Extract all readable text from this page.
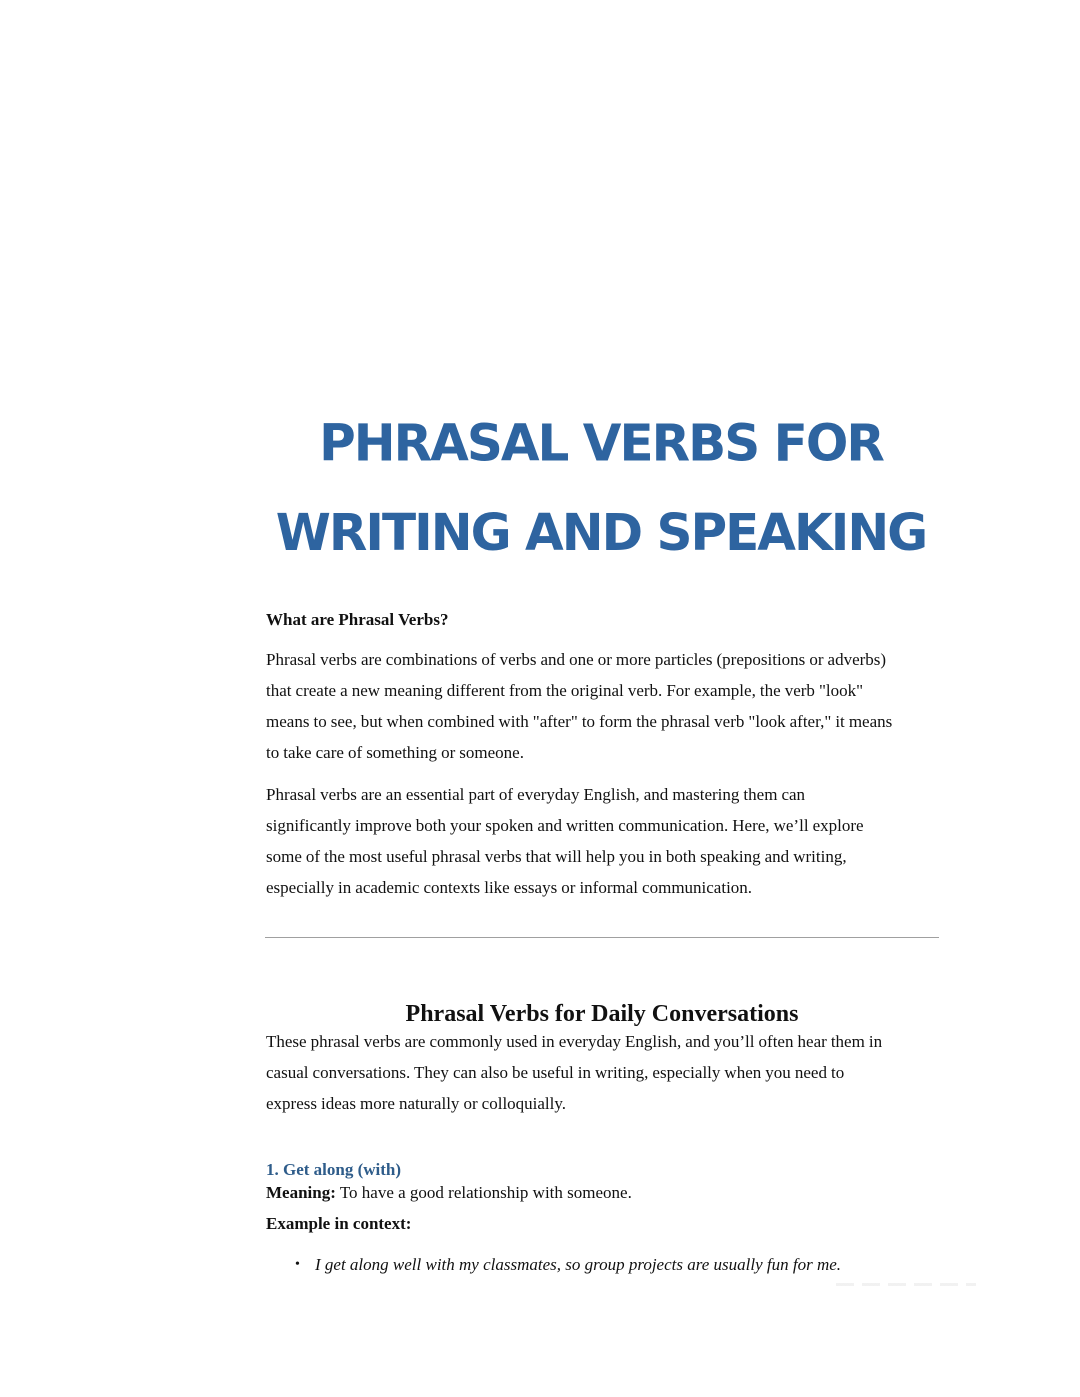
PHRASAL VERBS FOR
WRITING AND SPEAKING
What are Phrasal Verbs?
Phrasal verbs are combinations of verbs and one or more particles (prepositions or adverbs)
that create a new meaning different from the original verb. For example, the verb "look"
means to see, but when combined with "after" to form the phrasal verb "look after," it means
to take care of something or someone.
Phrasal verbs are an essential part of everyday English, and mastering them can
significantly improve both your spoken and written communication. Here, we’ll explore
some of the most useful phrasal verbs that will help you in both speaking and writing,
especially in academic contexts like essays or informal communication.
Phrasal Verbs for Daily Conversations
These phrasal verbs are commonly used in everyday English, and you’ll often hear them in
casual conversations. They can also be useful in writing, especially when you need to
express ideas more naturally or colloquially.
1. Get along (with)
Meaning: To have a good relationship with someone.
Example in context:
• I get along well with my classmates, so group projects are usually fun for me.
